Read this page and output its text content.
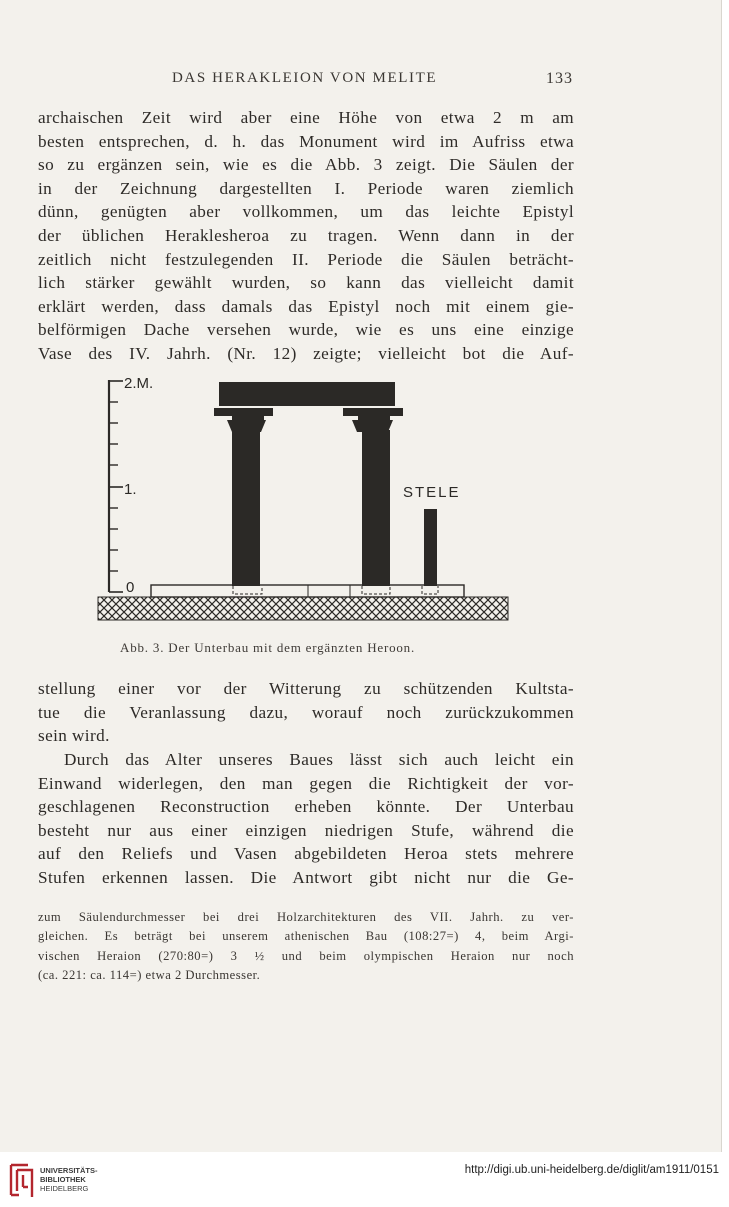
DAS HERAKLEION VON MELITE	133
archaischen Zeit wird aber eine Höhe von etwa 2 m am
besten entsprechen, d. h. das Monument wird im Aufriss etwa
so zu ergänzen sein, wie es die Abb. 3 zeigt. Die Säulen der
in der Zeichnung dargestellten I. Periode waren ziemlich
dünn, genügten aber vollkommen, um das leichte Epistyl
der üblichen Heraklesheroa zu tragen. Wenn dann in der
zeitlich nicht festzulegenden II. Periode die Säulen beträcht-
lich stärker gewählt wurden, so kann das vielleicht damit
erklärt werden, dass damals das Epistyl noch mit einem gie-
belförmigen Dache versehen wurde, wie es uns eine einzige
Vase des IV. Jahrh. (Nr. 12) zeigte; vielleicht bot die Auf-
2.M.
1.
0
STELE
Abb. 3. Der Unterbau mit dem ergänzten Heroon.
stellung einer vor der Witterung zu schützenden Kultsta-
tue die Veranlassung dazu, worauf noch zurückzukommen
sein wird.
Durch das Alter unseres Baues lässt sich auch leicht ein
Einwand widerlegen, den man gegen die Richtigkeit der vor-
geschlagenen Reconstruction erheben könnte. Der Unterbau
besteht nur aus einer einzigen niedrigen Stufe, während die
auf den Reliefs und Vasen abgebildeten Heroa stets mehrere
Stufen erkennen lassen. Die Antwort gibt nicht nur die Ge-
zum Säulendurchmesser bei drei Holzarchitekturen des VII. Jahrh. zu ver-
gleichen. Es beträgt bei unserem athenischen Bau (108:27=) 4, beim Argi-
vischen Heraion (270:80=) 3 ½ und beim olympischen Heraion nur noch
(ca. 221: ca. 114=) etwa 2 Durchmesser.
UNIVERSITÄTS-
BIBLIOTHEK
HEIDELBERG
http://digi.ub.uni-heidelberg.de/diglit/am1911/0151
